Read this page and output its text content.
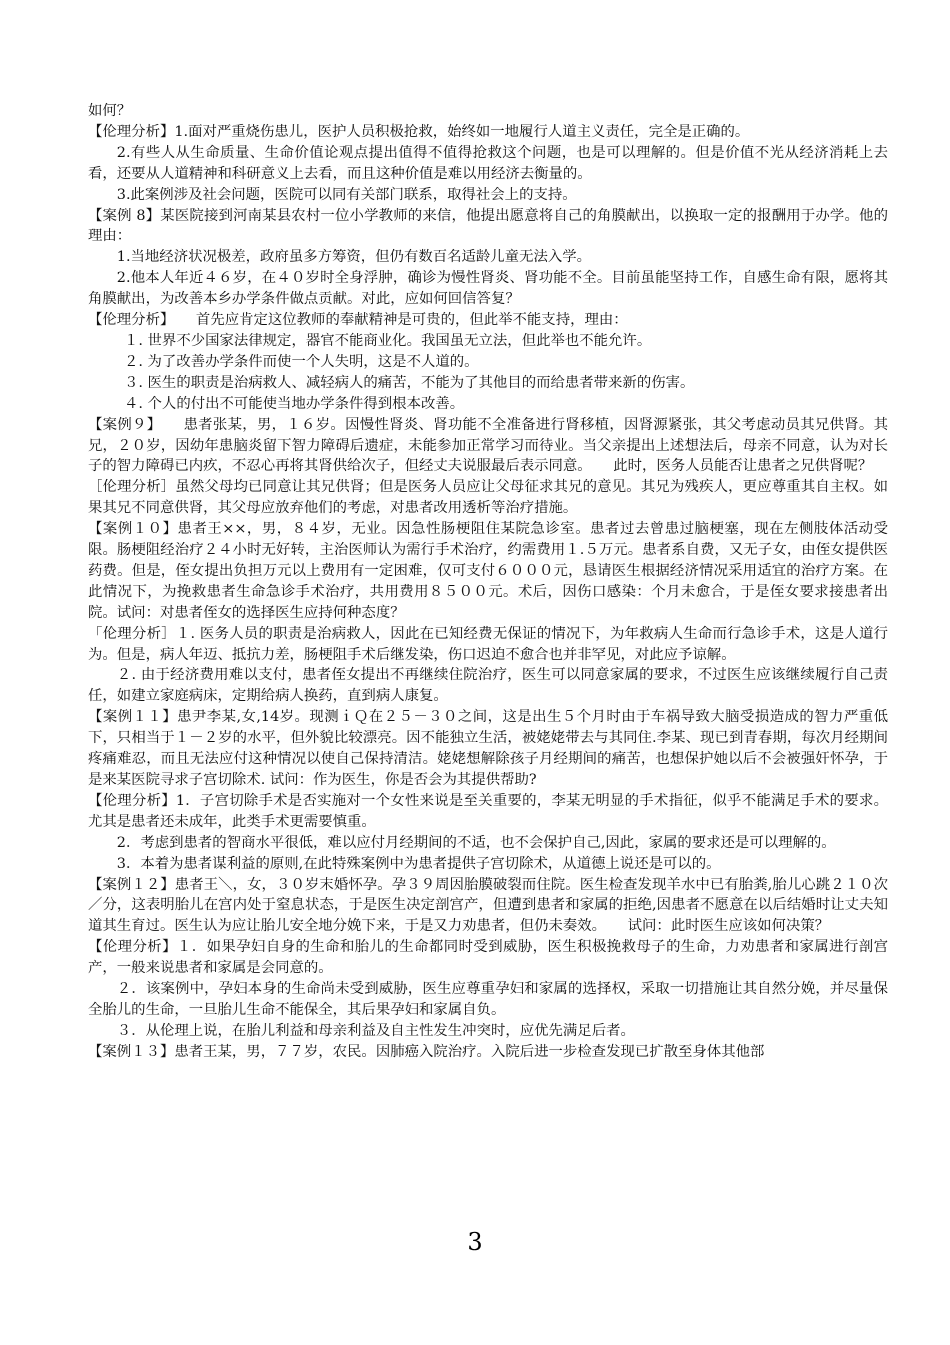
如何？

【伦理分析】1.面对严重烧伤患儿，医护人员积极抢救，始终如一地履行人道主义责任，完全是正确的。

2.有些人从生命质量、生命价值论观点提出值得不值得抢救这个问题，也是可以理解的。但是价值不光从经济消耗上去看，还要从人道精神和科研意义上去看，而且这种价值是难以用经济去衡量的。

3.此案例涉及社会问题，医院可以同有关部门联系，取得社会上的支持。

【案例 8】某医院接到河南某县农村一位小学教师的来信，他提出愿意将自己的角膜献出，以换取一定的报酬用于办学。他的理由：

1.当地经济状况极差，政府虽多方筹资，但仍有数百名适龄儿童无法入学。

2.他本人年近４６岁，在４０岁时全身浮肿，确诊为慢性肾炎、肾功能不全。目前虽能坚持工作，自感生命有限，愿将其角膜献出，为改善本乡办学条件做点贡献。对此，应如何回信答复？

【伦理分析】　　首先应肯定这位教师的奉献精神是可贵的，但此举不能支持，理由：

１. 世界不少国家法律规定，器官不能商业化。我国虽无立法，但此举也不能允许。

２. 为了改善办学条件而使一个人失明，这是不人道的。

３. 医生的职责是治病救人、减轻病人的痛苦，不能为了其他目的而给患者带来新的伤害。

４. 个人的付出不可能使当地办学条件得到根本改善。

【案例９】　　患者张某，男，１６岁。因慢性肾炎、肾功能不全准备进行肾移植，因肾源紧张，其父考虑动员其兄供肾。其兄，２０岁，因幼年患脑炎留下智力障碍后遗症，未能参加正常学习而待业。当父亲提出上述想法后，母亲不同意，认为对长子的智力障碍已内疚，不忍心再将其肾供给次子，但经丈夫说服最后表示同意。　　此时，医务人员能否让患者之兄供肾呢？

［伦理分析］虽然父母均已同意让其兄供肾；但是医务人员应让父母征求其兄的意见。其兄为残疾人，更应尊重其自主权。如果其兄不同意供肾，其父母应放弃他们的考虑，对患者改用透析等治疗措施。

【案例１０】患者王××，男，８４岁，无业。因急性肠梗阻住某院急诊室。患者过去曾患过脑梗塞，现在左侧肢体活动受限。肠梗阻经治疗２４小时无好转，主治医师认为需行手术治疗，约需费用１.５万元。患者系自费，又无子女，由侄女提供医药费。但是，侄女提出负担万元以上费用有一定困难，仅可支付６０００元，恳请医生根据经济情况采用适宜的治疗方案。在此情况下，为挽救患者生命急诊手术治疗，共用费用８５００元。术后，因伤口感染：个月未愈合，于是侄女要求接患者出院。试问：对患者侄女的选择医生应持何种态度？

「伦理分析］１. 医务人员的职责是治病救人，因此在已知经费无保证的情况下，为年救病人生命而行急诊手术，这是人道行为。但是，病人年迈、抵抗力差，肠梗阻手术后继发染，伤口迟迫不愈合也并非罕见，对此应予谅解。

２. 由于经济费用难以支付，患者侄女提出不再继续住院治疗，医生可以同意家属的要求，不过医生应该继续履行自己责任，如建立家庭病床，定期给病人换药，直到病人康复。

【案例１１】患尹李某,女,14岁。现测ｉＱ在２５－３０之间，这是出生５个月时由于车祸导致大脑受损造成的智力严重低下，只相当于１－２岁的水平，但外貌比较漂亮。因不能独立生活，被姥姥带去与其同住.李某、现已到青春期，每次月经期间疼痛难忍，而且无法应付这种情况以使自己保持清洁。姥姥想解除孩子月经期间的痛苦，也想保护她以后不会被强奸怀孕，于是来某医院寻求子宫切除术. 试问：作为医生，你是否会为其提供帮助?

【伦理分析】1．子宫切除手术是否实施对一个女性来说是至关重要的，李某无明显的手术指征，似乎不能满足手术的要求。尤其是患者还未成年，此类手术更需要慎重。

2．考虑到患者的智商水平很低，难以应付月经期间的不适，也不会保护自己,因此，家属的要求还是可以理解的。

3．本着为患者谋利益的原则,在此特殊案例中为患者提供子宫切除术，从道德上说还是可以的。

【案例１２】患者王＼，女，３０岁末婚怀孕。孕３９周因胎膜破裂而住院。医生检查发现羊水中已有胎粪,胎儿心跳２１０次／分，这表明胎儿在宫内处于窒息状态，于是医生决定剖宫产，但遭到患者和家属的拒绝,因患者不愿意在以后结婚时让丈夫知道其生育过。医生认为应让胎儿安全地分娩下来，于是又力劝患者，但仍未奏效。　　试问：此时医生应该如何决策？

【伦理分析】１．如果孕妇自身的生命和胎儿的生命都同时受到威胁，医生积极挽救母子的生命，力劝患者和家属进行剖宫产，一般来说患者和家属是会同意的。

２．该案例中，孕妇本身的生命尚未受到威胁，医生应尊重孕妇和家属的选择权，采取一切措施让其自然分娩，并尽量保全胎儿的生命，一旦胎儿生命不能保全，其后果孕妇和家属自负。

３．从伦理上说，在胎儿利益和母亲利益及自主性发生冲突时，应优先满足后者。

【案例１３】患者王某，男，７７岁，农民。因肺癌入院治疗。入院后进一步检查发现已扩散至身体其他部

3
